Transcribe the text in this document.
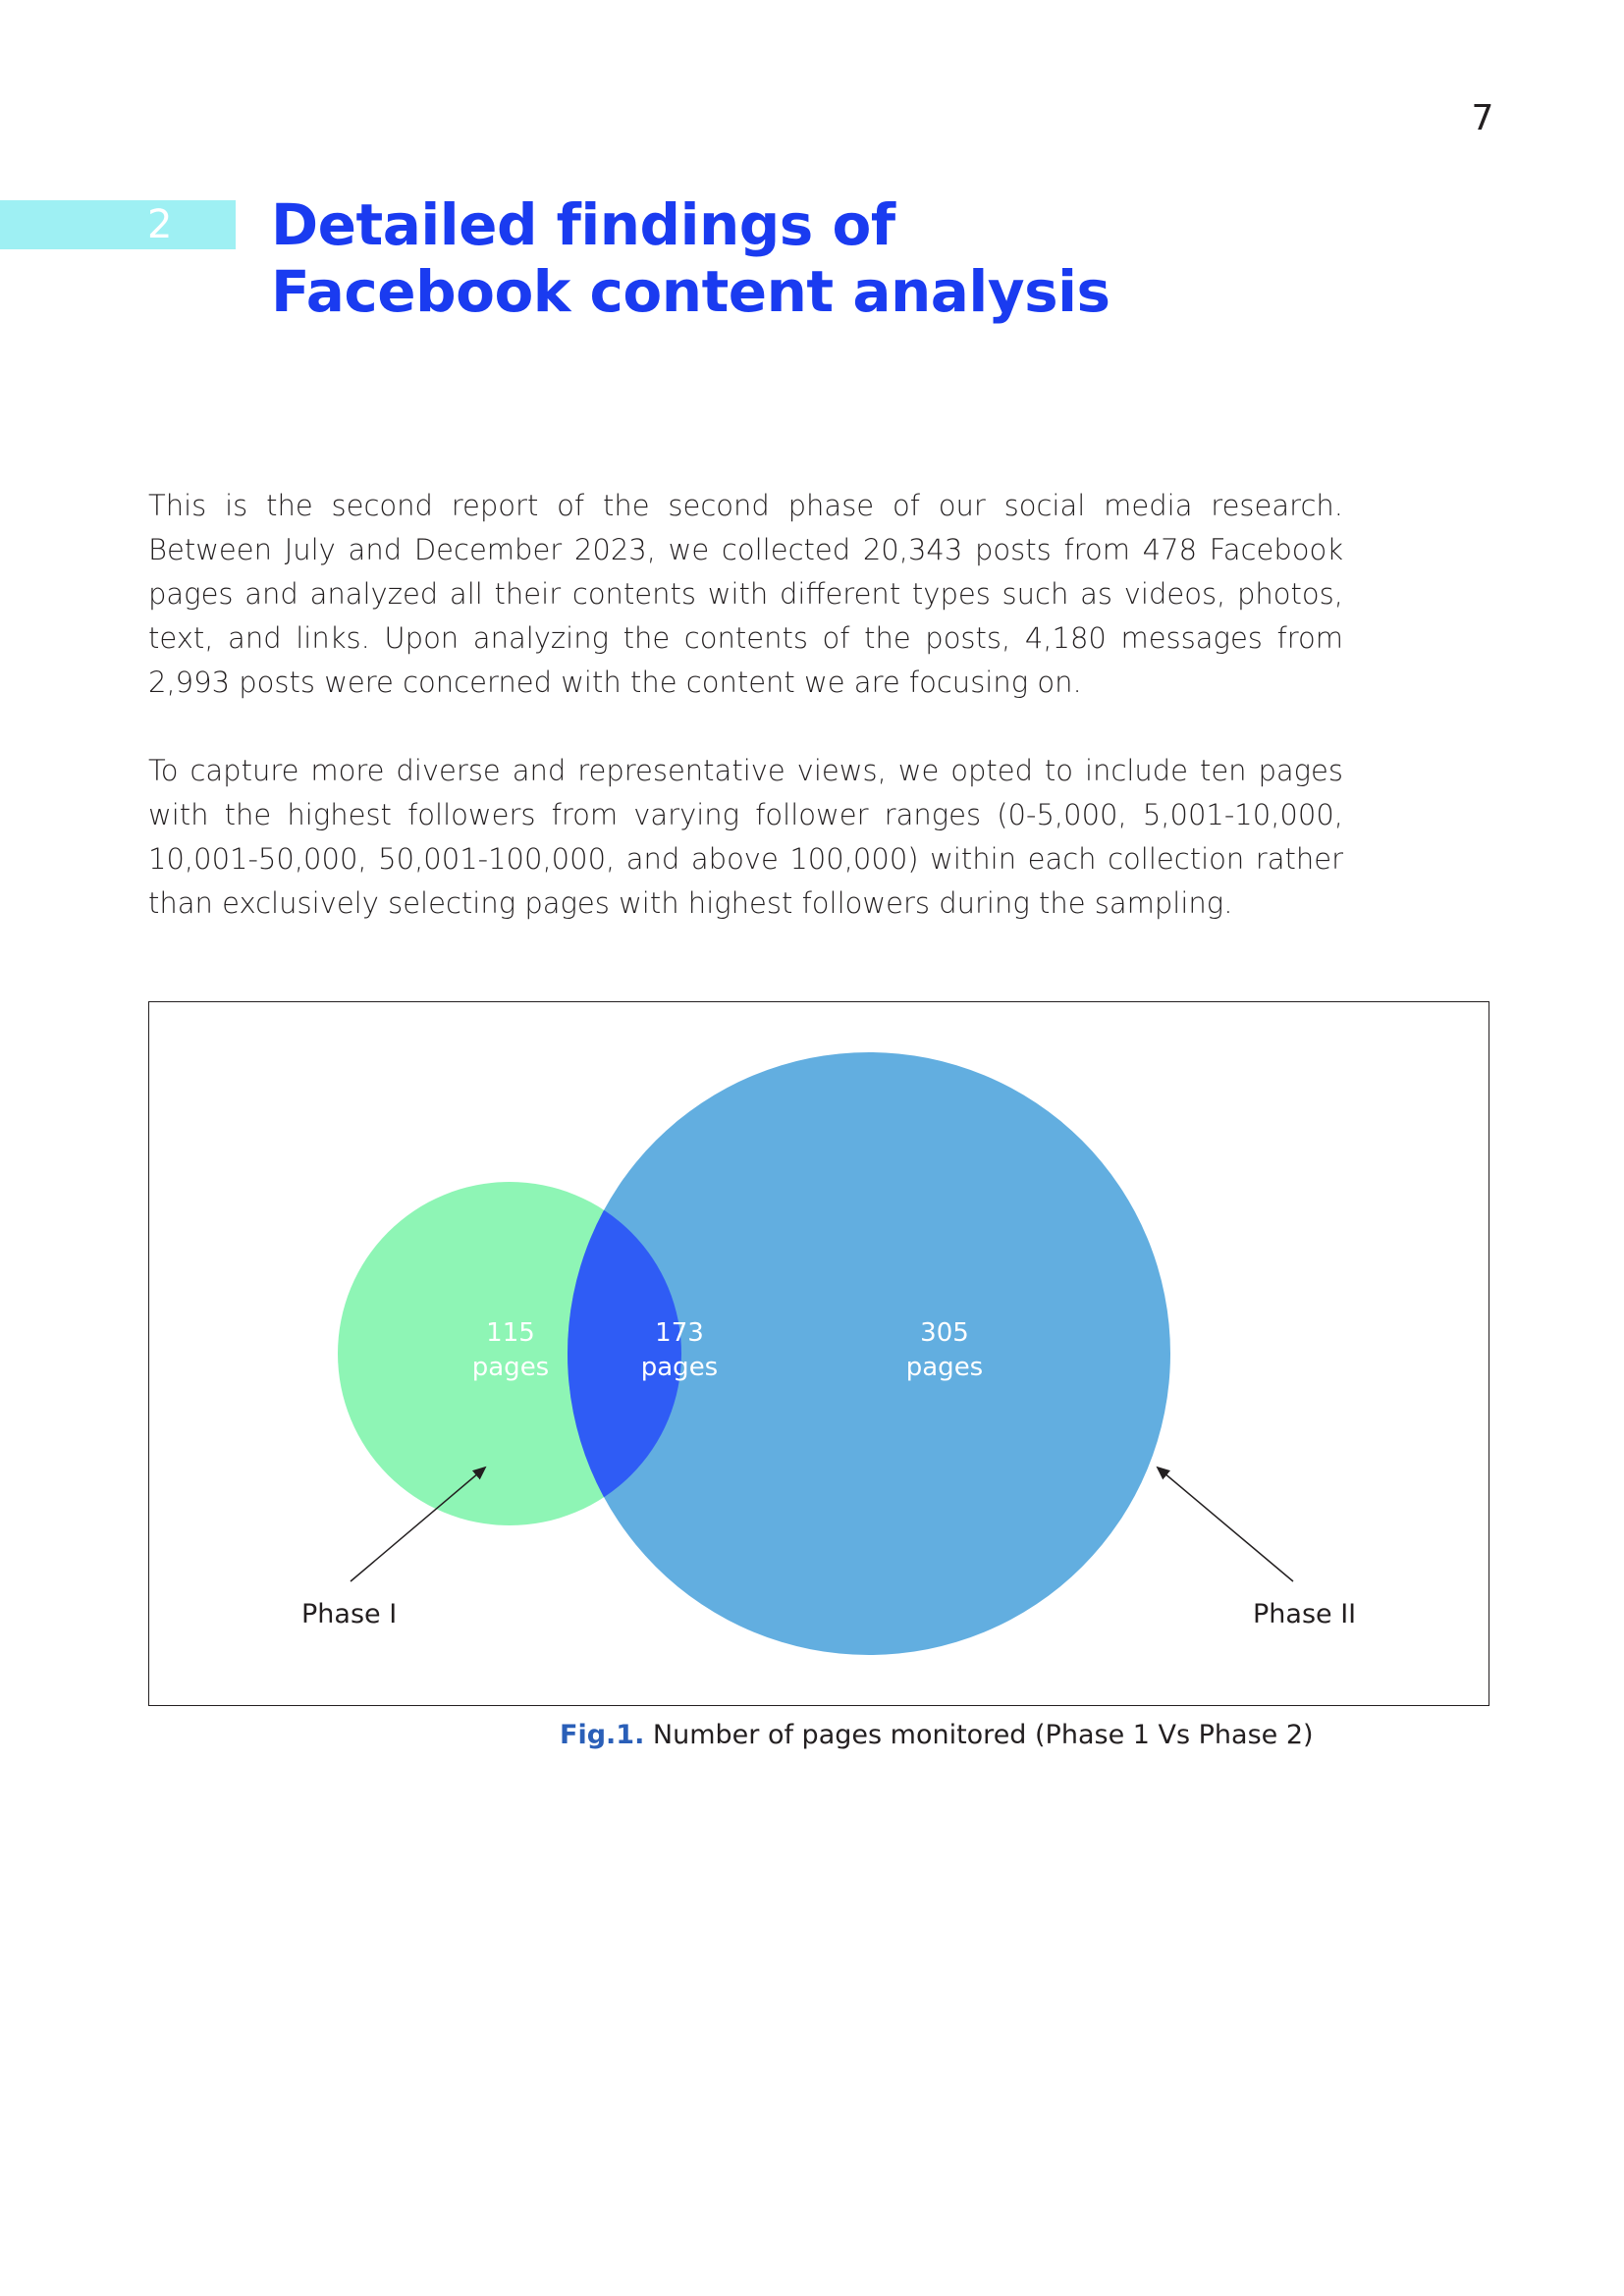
7
2 Detailed findings of
Facebook content analysis

This is the second report of the second phase of our social media research. Between July and December 2023, we collected 20,343 posts from 478 Facebook pages and analyzed all their contents with different types such as videos, photos, text, and links. Upon analyzing the contents of the posts, 4,180 messages from 2,993 posts were concerned with the content we are focusing on.

To capture more diverse and representative views, we opted to include ten pages with the highest followers from varying follower ranges (0-5,000, 5,001-10,000, 10,001-50,000, 50,001-100,000, and above 100,000) within each collection rather than exclusively selecting pages with highest followers during the sampling.

115
pages
173
pages
305
pages
Phase I	Phase II
Fig.1. Number of pages monitored (Phase 1 Vs Phase 2)
